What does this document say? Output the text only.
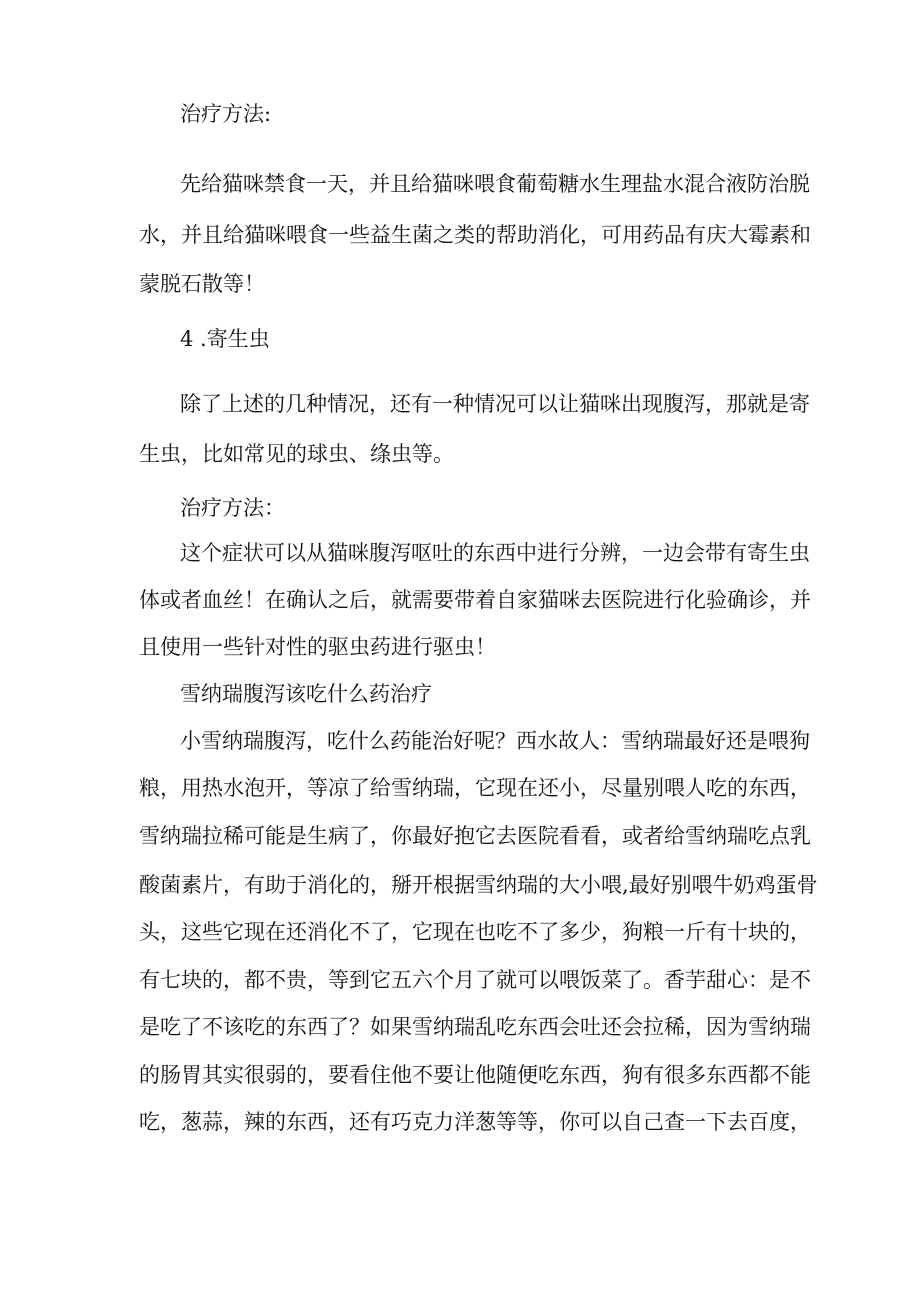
治疗方法:
先给猫咪禁食一天，并且给猫咪喂食葡萄糖水生理盐水混合液防治脱
水，并且给猫咪喂食一些益生菌之类的帮助消化，可用药品有庆大霉素和
蒙脱石散等！
4 .寄生虫
除了上述的几种情况，还有一种情况可以让猫咪出现腹泻，那就是寄
生虫，比如常见的球虫、绦虫等。
治疗方法：
这个症状可以从猫咪腹泻呕吐的东西中进行分辨，一边会带有寄生虫
体或者血丝！在确认之后，就需要带着自家猫咪去医院进行化验确诊，并
且使用一些针对性的驱虫药进行驱虫！
雪纳瑞腹泻该吃什么药治疗
小雪纳瑞腹泻，吃什么药能治好呢？西水故人：雪纳瑞最好还是喂狗
粮，用热水泡开，等凉了给雪纳瑞，它现在还小，尽量别喂人吃的东西，
雪纳瑞拉稀可能是生病了，你最好抱它去医院看看，或者给雪纳瑞吃点乳
酸菌素片，有助于消化的，掰开根据雪纳瑞的大小喂,最好别喂牛奶鸡蛋骨
头，这些它现在还消化不了，它现在也吃不了多少，狗粮一斤有十块的，
有七块的，都不贵，等到它五六个月了就可以喂饭菜了。香芋甜心：是不
是吃了不该吃的东西了？如果雪纳瑞乱吃东西会吐还会拉稀，因为雪纳瑞
的肠胃其实很弱的，要看住他不要让他随便吃东西，狗有很多东西都不能
吃，葱蒜，辣的东西，还有巧克力洋葱等等，你可以自己查一下去百度，
